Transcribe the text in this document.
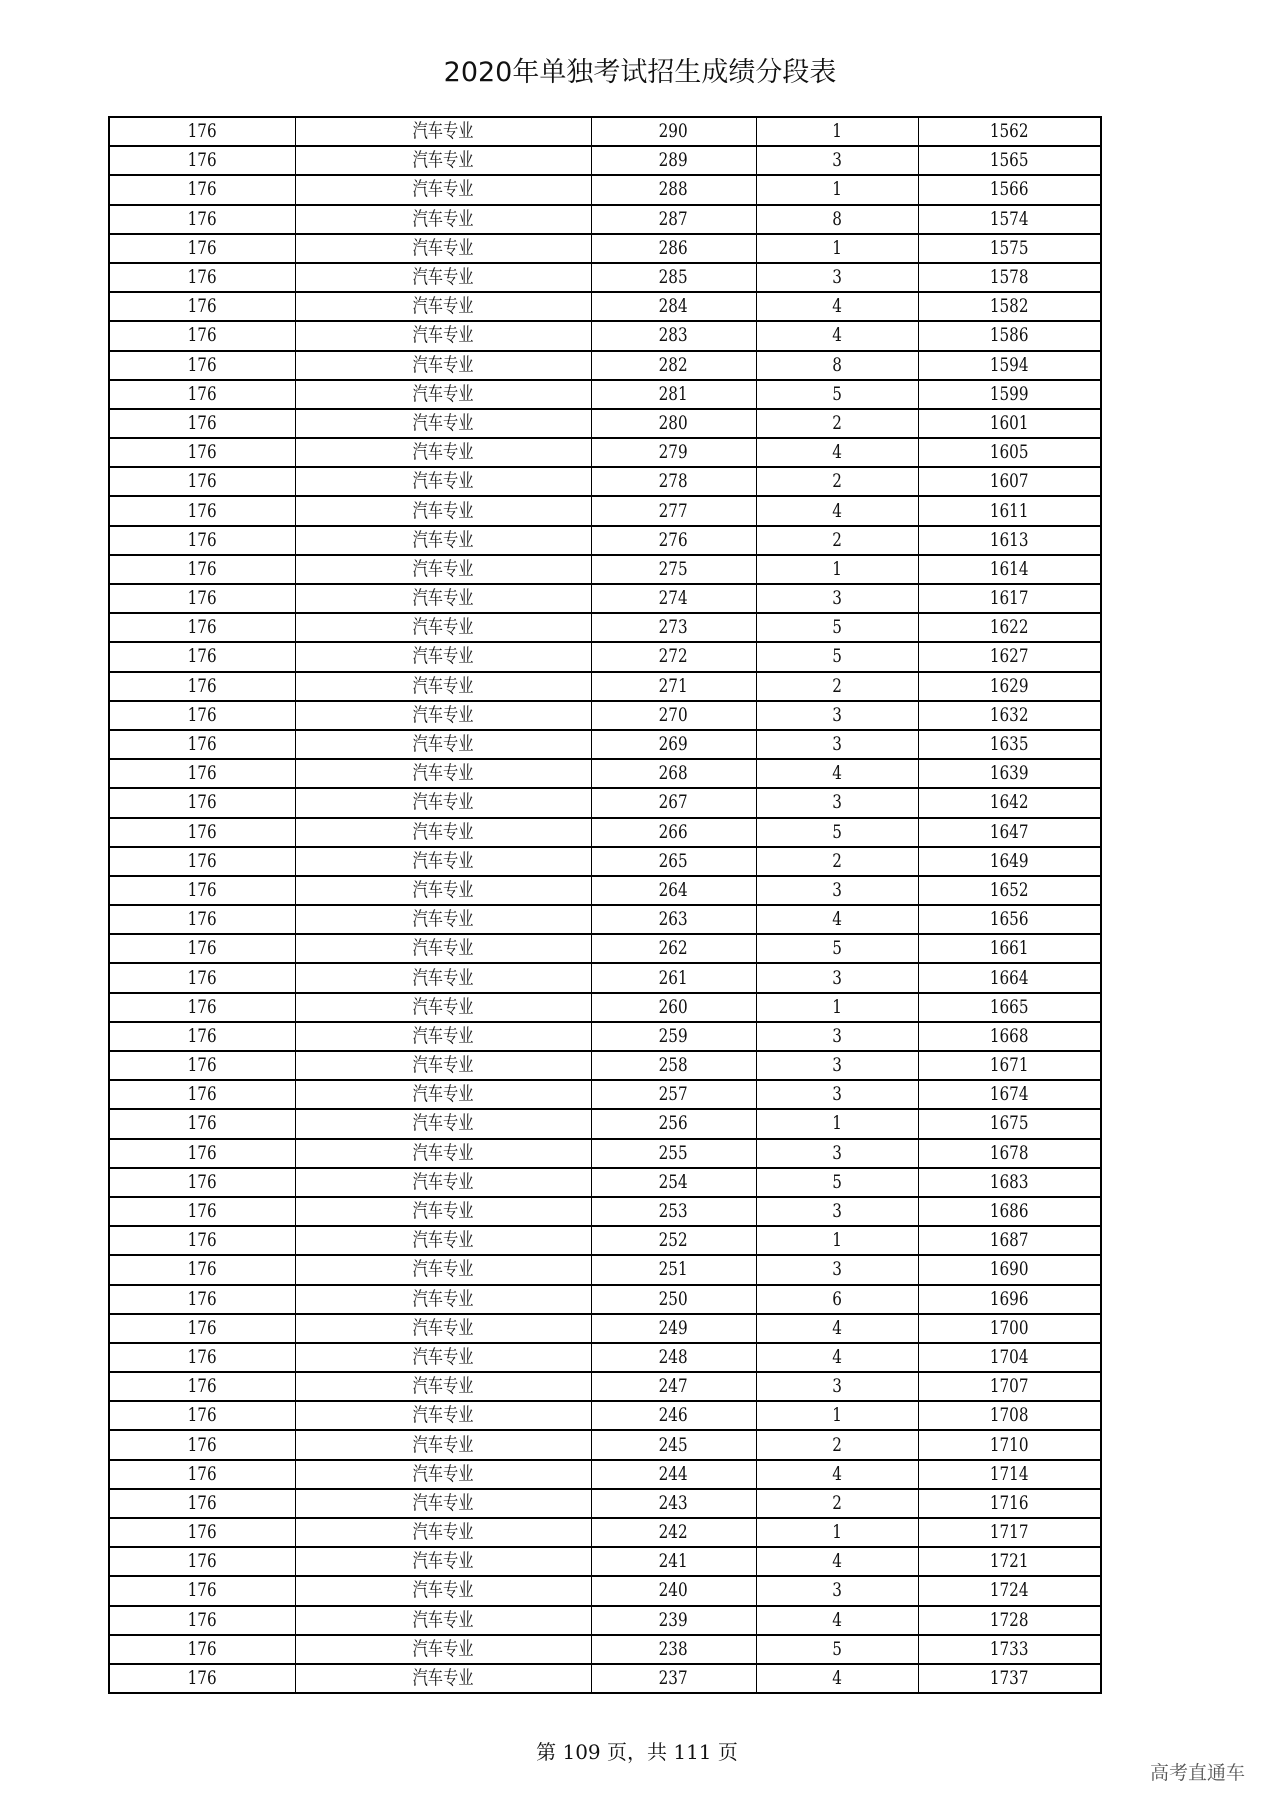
2020年单独考试招生成绩分段表
176	汽车专业	290	1	1562
176	汽车专业	289	3	1565
176	汽车专业	288	1	1566
176	汽车专业	287	8	1574
176	汽车专业	286	1	1575
176	汽车专业	285	3	1578
176	汽车专业	284	4	1582
176	汽车专业	283	4	1586
176	汽车专业	282	8	1594
176	汽车专业	281	5	1599
176	汽车专业	280	2	1601
176	汽车专业	279	4	1605
176	汽车专业	278	2	1607
176	汽车专业	277	4	1611
176	汽车专业	276	2	1613
176	汽车专业	275	1	1614
176	汽车专业	274	3	1617
176	汽车专业	273	5	1622
176	汽车专业	272	5	1627
176	汽车专业	271	2	1629
176	汽车专业	270	3	1632
176	汽车专业	269	3	1635
176	汽车专业	268	4	1639
176	汽车专业	267	3	1642
176	汽车专业	266	5	1647
176	汽车专业	265	2	1649
176	汽车专业	264	3	1652
176	汽车专业	263	4	1656
176	汽车专业	262	5	1661
176	汽车专业	261	3	1664
176	汽车专业	260	1	1665
176	汽车专业	259	3	1668
176	汽车专业	258	3	1671
176	汽车专业	257	3	1674
176	汽车专业	256	1	1675
176	汽车专业	255	3	1678
176	汽车专业	254	5	1683
176	汽车专业	253	3	1686
176	汽车专业	252	1	1687
176	汽车专业	251	3	1690
176	汽车专业	250	6	1696
176	汽车专业	249	4	1700
176	汽车专业	248	4	1704
176	汽车专业	247	3	1707
176	汽车专业	246	1	1708
176	汽车专业	245	2	1710
176	汽车专业	244	4	1714
176	汽车专业	243	2	1716
176	汽车专业	242	1	1717
176	汽车专业	241	4	1721
176	汽车专业	240	3	1724
176	汽车专业	239	4	1728
176	汽车专业	238	5	1733
176	汽车专业	237	4	1737
第 109 页，共 111 页
高考直通车
